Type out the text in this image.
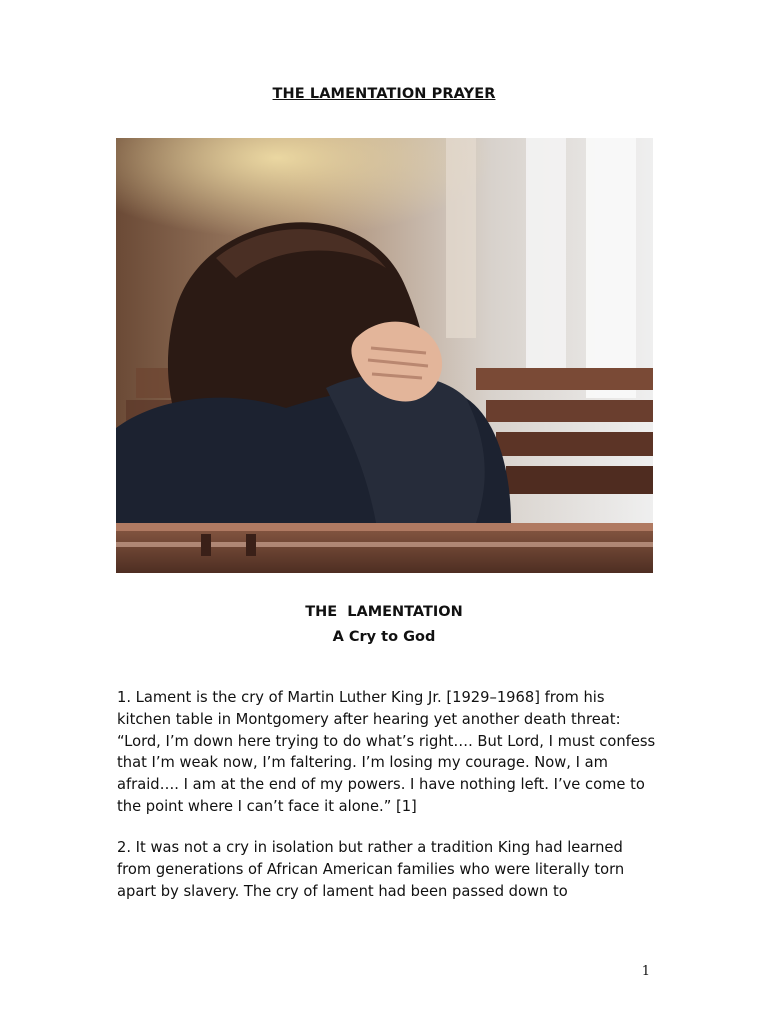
THE LAMENTATION PRAYER
THE  LAMENTATION
A Cry to God

1. Lament is the cry of Martin Luther King Jr. [1929–1968] from his kitchen table in Montgomery after hearing yet another death threat: “Lord, I’m down here trying to do what’s right…. But Lord, I must confess that I’m weak now, I’m faltering. I’m losing my courage. Now, I am afraid…. I am at the end of my powers. I have nothing left. I’ve come to the point where I can’t face it alone.” [1]

2. It was not a cry in isolation but rather a tradition King had learned from generations of African American families who were literally torn apart by slavery. The cry of lament had been passed down to

1
